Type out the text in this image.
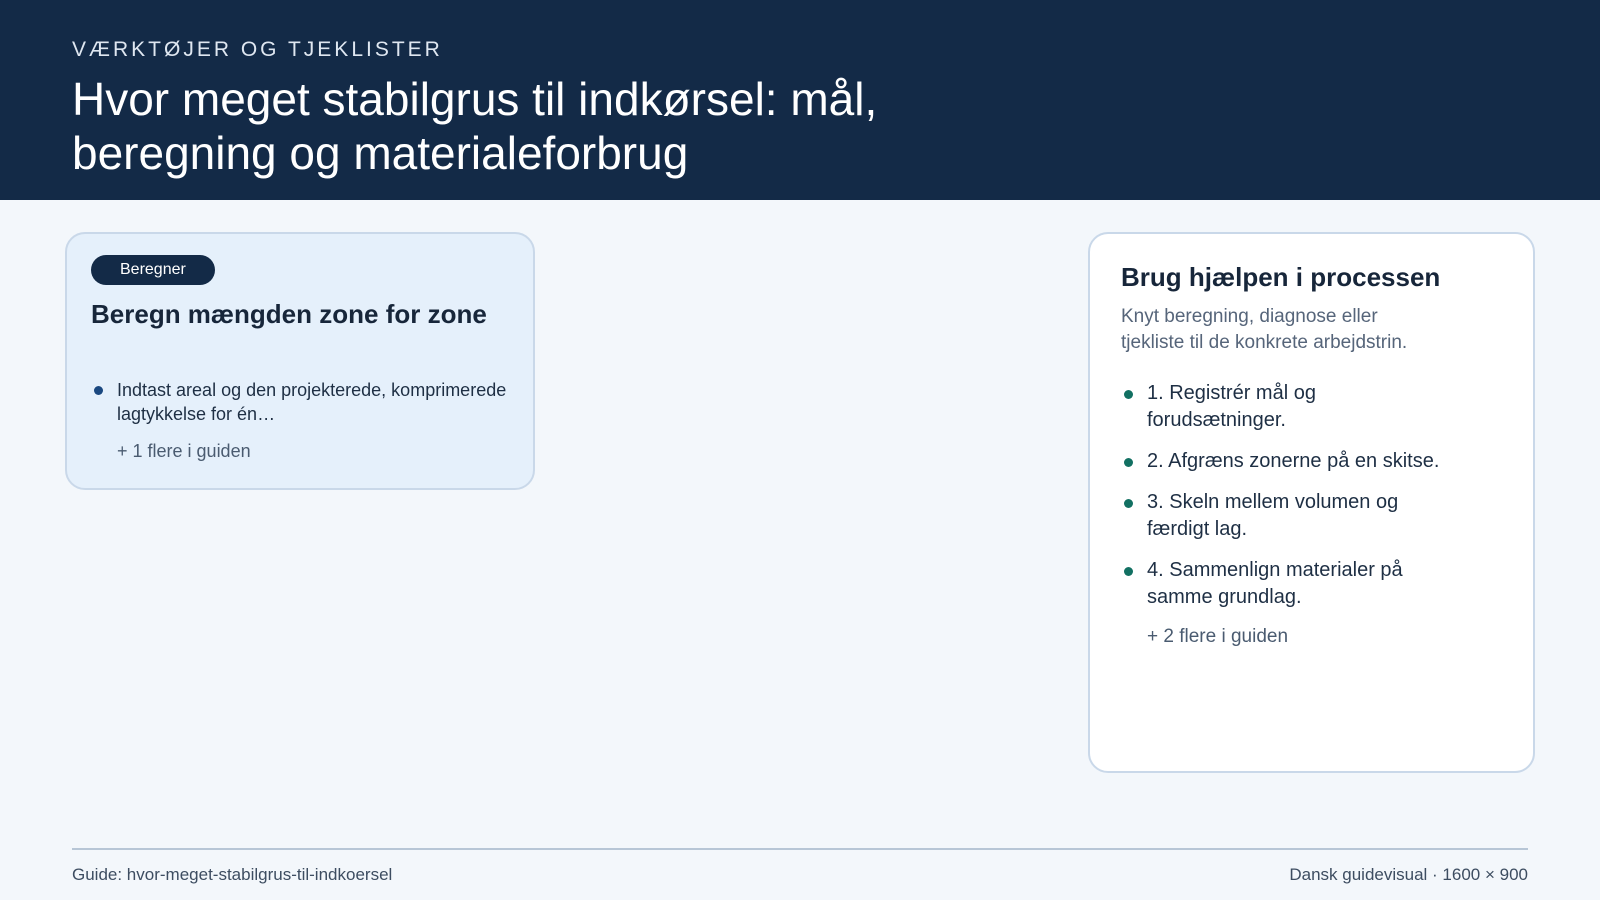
VÆRKTØJER OG TJEKLISTER
Hvor meget stabilgrus til indkørsel: mål, beregning og materialeforbrug
Beregner
Beregn mængden zone for zone
Indtast areal og den projekterede, komprimerede lagtykkelse for én…
+ 1 flere i guiden
Brug hjælpen i processen

Knyt beregning, diagnose eller tjekliste til de konkrete arbejdstrin.

1. Registrér mål og forudsætninger.
2. Afgræns zonerne på en skitse.
3. Skeln mellem volumen og færdigt lag.
4. Sammenlign materialer på samme grundlag.
+ 2 flere i guiden
Guide: hvor-meget-stabilgrus-til-indkoersel	Dansk guidevisual · 1600 × 900
